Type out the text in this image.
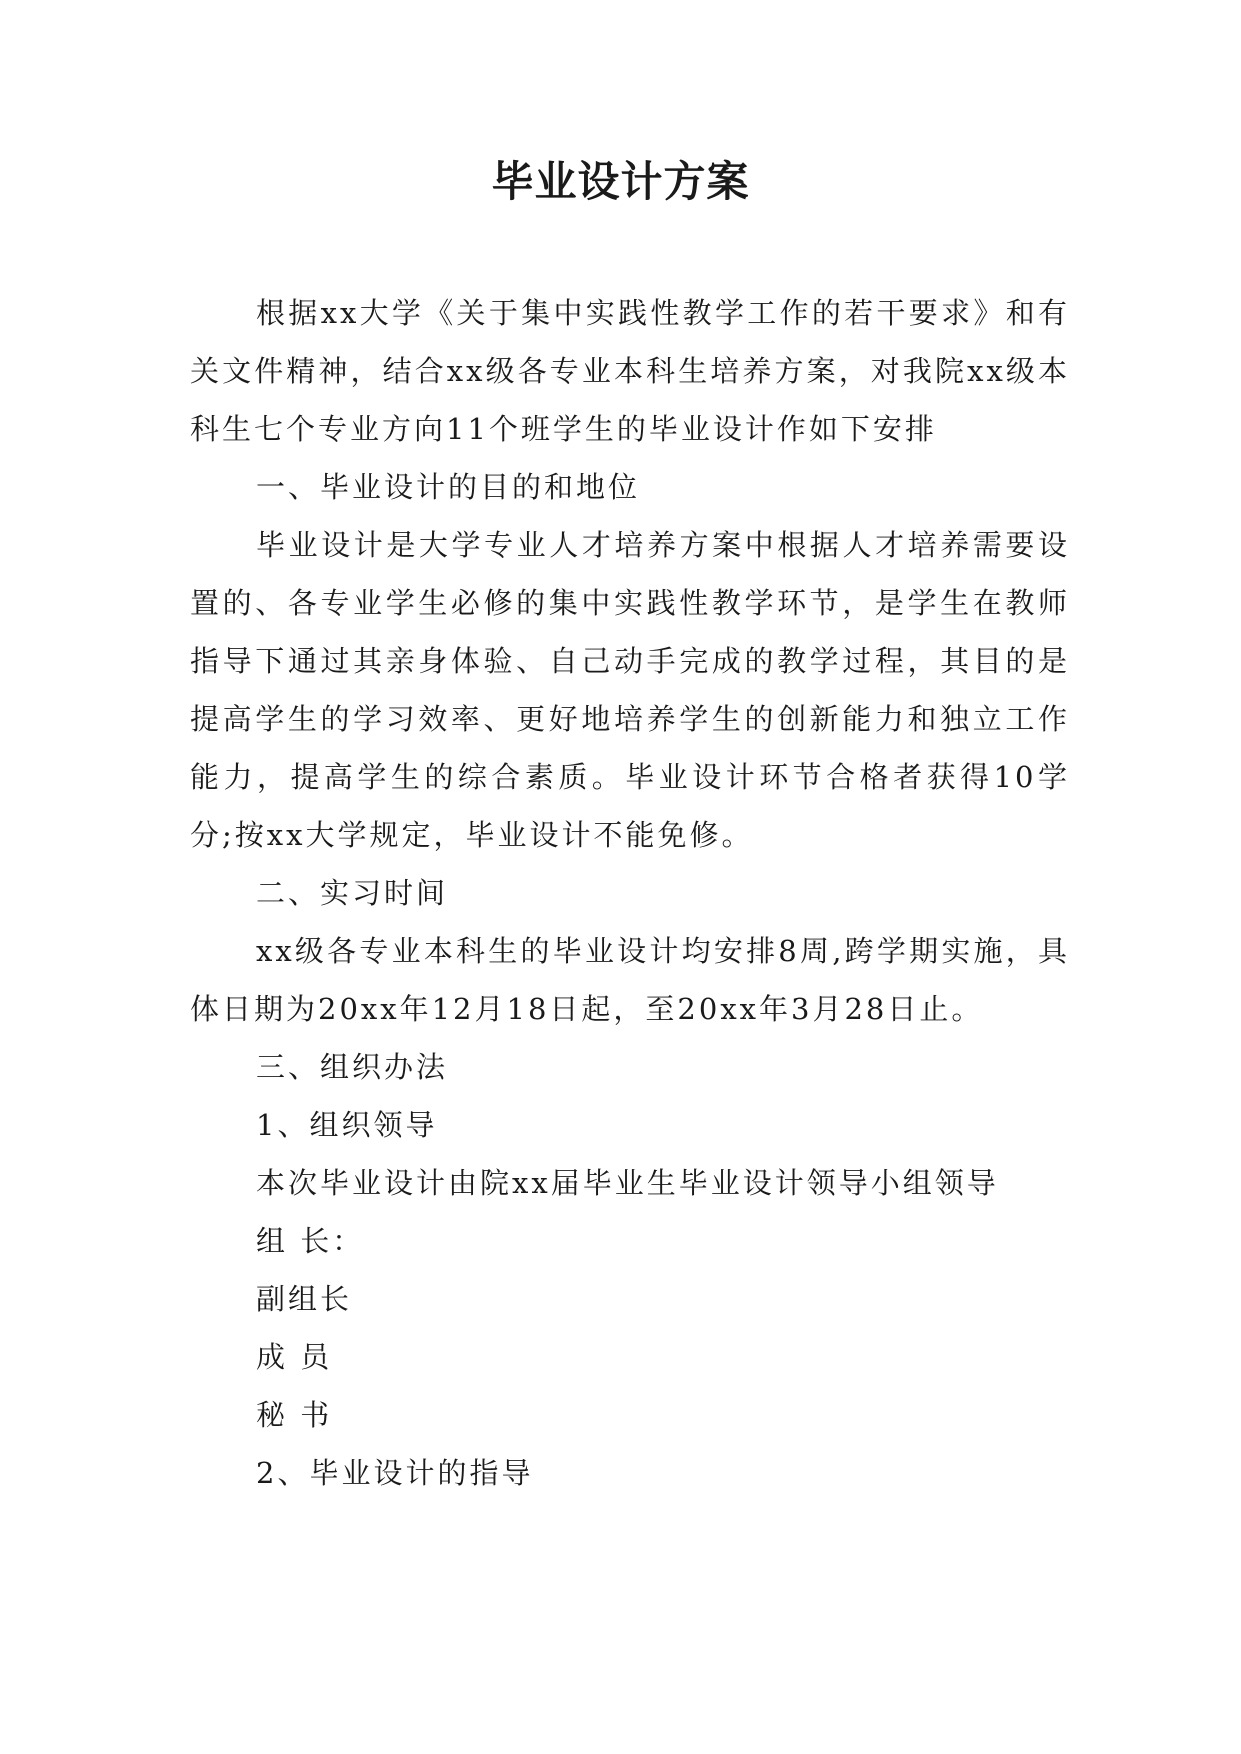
毕业设计方案

根据xx大学《关于集中实践性教学工作的若干要求》和有关文件精神，结合xx级各专业本科生培养方案，对我院xx级本科生七个专业方向11个班学生的毕业设计作如下安排

一、毕业设计的目的和地位

毕业设计是大学专业人才培养方案中根据人才培养需要设置的、各专业学生必修的集中实践性教学环节，是学生在教师指导下通过其亲身体验、自己动手完成的教学过程，其目的是提高学生的学习效率、更好地培养学生的创新能力和独立工作能力，提高学生的综合素质。毕业设计环节合格者获得10学分;按xx大学规定，毕业设计不能免修。

二、实习时间

xx级各专业本科生的毕业设计均安排8周,跨学期实施，具体日期为20xx年12月18日起，至20xx年3月28日止。

三、组织办法

1、组织领导

本次毕业设计由院xx届毕业生毕业设计领导小组领导

组 长：

副组长

成 员

秘 书

2、毕业设计的指导
